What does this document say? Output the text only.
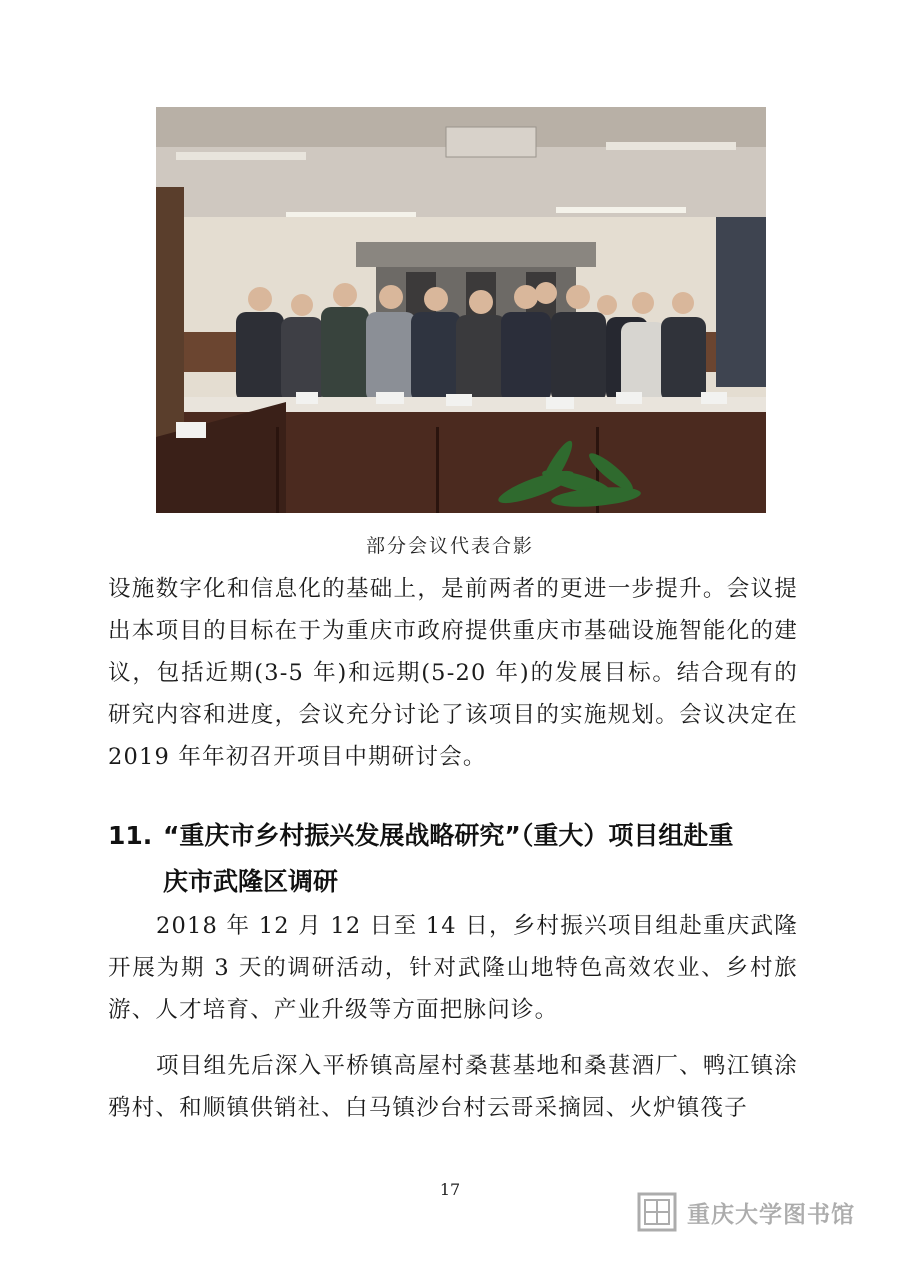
部分会议代表合影

设施数字化和信息化的基础上，是前两者的更进一步提升。会议提出本项目的目标在于为重庆市政府提供重庆市基础设施智能化的建议，包括近期(3-5 年)和远期(5-20 年)的发展目标。结合现有的研究内容和进度，会议充分讨论了该项目的实施规划。会议决定在 2019 年年初召开项目中期研讨会。

11. “重庆市乡村振兴发展战略研究”（重大）项目组赴重
庆市武隆区调研

2018 年 12 月 12 日至 14 日，乡村振兴项目组赴重庆武隆开展为期 3 天的调研活动，针对武隆山地特色高效农业、乡村旅游、人才培育、产业升级等方面把脉问诊。

项目组先后深入平桥镇高屋村桑葚基地和桑葚酒厂、鸭江镇涂鸦村、和顺镇供销社、白马镇沙台村云哥采摘园、火炉镇筏子

17
重庆大学图书馆
